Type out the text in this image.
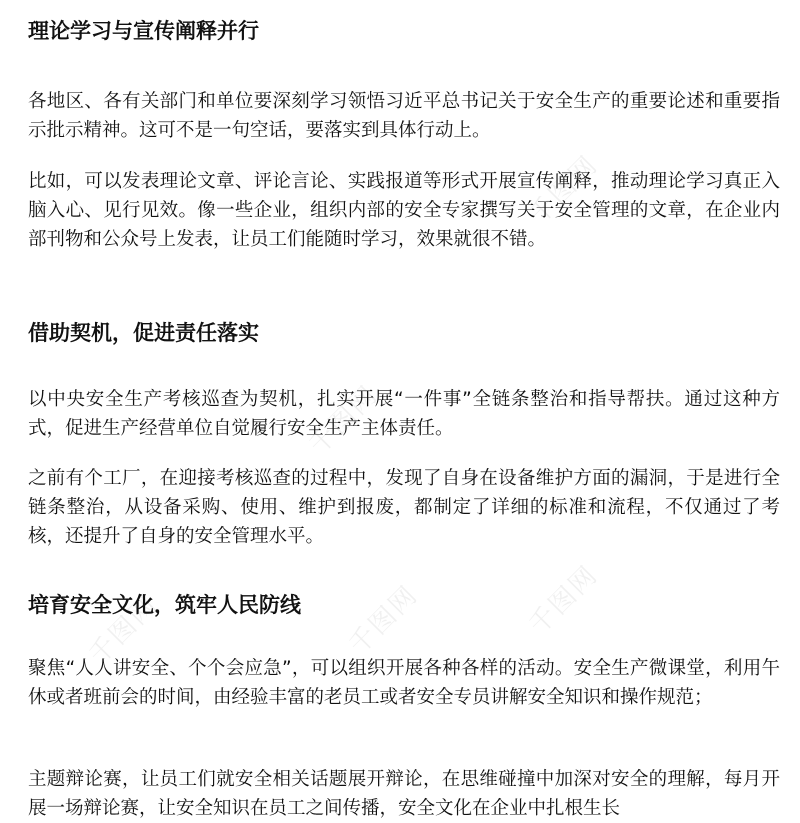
千图网
千图网
千图网	千图网	千图网
理论学习与宣传阐释并行

各地区、各有关部门和单位要深刻学习领悟习近平总书记关于安全生产的重要论述和重要指示批示精神。这可不是一句空话，要落实到具体行动上。

比如，可以发表理论文章、评论言论、实践报道等形式开展宣传阐释，推动理论学习真正入脑入心、见行见效。像一些企业，组织内部的安全专家撰写关于安全管理的文章，在企业内部刊物和公众号上发表，让员工们能随时学习，效果就很不错。

借助契机，促进责任落实

以中央安全生产考核巡查为契机，扎实开展“一件事”全链条整治和指导帮扶。通过这种方式，促进生产经营单位自觉履行安全生产主体责任。

之前有个工厂，在迎接考核巡查的过程中，发现了自身在设备维护方面的漏洞，于是进行全链条整治，从设备采购、使用、维护到报废，都制定了详细的标准和流程，不仅通过了考核，还提升了自身的安全管理水平。

培育安全文化，筑牢人民防线

聚焦“人人讲安全、个个会应急”，可以组织开展各种各样的活动。安全生产微课堂，利用午休或者班前会的时间，由经验丰富的老员工或者安全专员讲解安全知识和操作规范；

主题辩论赛，让员工们就安全相关话题展开辩论，在思维碰撞中加深对安全的理解，每月开展一场辩论赛，让安全知识在员工之间传播，安全文化在企业中扎根生长
